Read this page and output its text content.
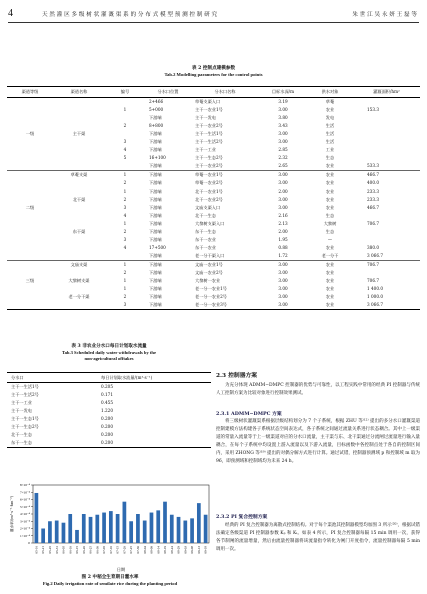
4	天 然 灌 区 多 级 树 状 灌 溉 渠 系 的 分 布 式 模 型 预 测 控 制 研 究	朱 世 江 吴 永 妍 王 磊 等
表 2 控制点建模参数
Tab.2 Modelling parameters for the control points
渠道等级	渠道名称	编号	分水口位置	分水口名称	目标水深/m	供水对象	灌溉面积/hm²
			2+466	草菴支渠入口	3.19	草菴	
		1	5+000	主干一农业1号	3.00	农业	153.3
			下游端	主干一发电	3.80	发电	
		2	8+800	主干一农业2号	3.43	生活	
一级	主干渠		下游端	主干一生活1号	3.00	生活	
		3	下游端	主干一生活2号	3.00	生活	
		4	下游端	主干一工业	2.85	工业	
		5	16+100	主干一生态2号	2.32	生态	
			下游端	主干一农业2号	2.65	农业	533.3
	草菴支渠	1	下游端	草菴一农业1号	3.00	农业	466.7
		2	下游端	草菴一农业2号	3.00	农业	400.0
		1	下游端	北干一农业1号	2.00	农业	233.3
	北干渠	2	下游端	北干一农业2号	3.00	农业	233.3
二级		3	下游端	文庙支渠入口	3.00	农业	466.7
		4	下游端	北干一生态	2.16	生态	
		1	下游端	大黎树支渠入口	2.13	大黎树	706.7
	东干渠	2	下游端	东干一生态	2.00	生态	
		3	下游端	东干一农业	1.95	—	
		4	17+500	东干一农业	0.88	农业	380.0
			下游端	老一分干渠入口	1.72	老一分干	3 066.7
	文庙支渠	1	下游端	文庙一农业1号	3.00	农业	706.7
		2	下游端	文庙一农业2号	3.00	农业	
三级	大黎树支渠	1	下游端	大黎树一农业	3.00	农业	706.7
		1	下游端	老一分一农业1号	3.00	农业	1 400.0
	老一分干渠	2	下游端	老一分一农业2号	3.00	农业	1 000.0
		3	下游端	老一分一农业3号	3.00	农业	3 066.7
表 3 非农业分水口每日计划取水流量
Tab.3 Scheduled daily water withdrawals by the
non-agricultural offtakes
分水口	每日计划取水流量/(m³·s⁻¹)
主干一生活1号	0.205
主干一生活2号	0.171
主干一工业	0.455
主干一发电	1.220
主干一生态1号	0.200
主干一生态2号	0.200
北干一生态	0.200
东干一生态	0.200
0
1×10⁻⁴
2×10⁻⁴
3×10⁻⁴
4×10⁻⁴
5×10⁻⁴
6×10⁻⁴
7×10⁻⁴
8×10⁻⁴
05-16 05-21 05-26 05-31 06-05 06-10 06-15 06-20 06-25 06-30 07-05 07-10 07-15 07-20 07-25 07-30 08-04 08-09 08-14 08-19 08-24 08-29 09-03 09-08 09-13 09-18
灌水率/(m³·s⁻¹·hm⁻²)
日期
图 2 中稻全生育期日灌水率
Fig.2 Daily irrigation rate of semilate rice during the planting period
2.3 控制器方案

为充分体现 ADMM−DMPC 控制器的优势与可靠性，以工程实践中常用的经典 PI 控制器与传统人工控制方案为比较对象进行控制效果测试。

2.3.1 ADMM−DMPC 方案

将三级树状灌溉渠系根据层级结构划分为 7 个子系统，根据 ZHU 等⁽¹²⁾ 提出的多分水口灌溉渠道控制建模方法构建各子系统状态空间表达式，各子系统之间通过流量关系进行状态耦合。其中上一级渠道的常量入流量等于上一级渠道对应的分水口流量，主干渠与东、北干渠通过分流闸过流量进行输入量耦合，在每个子系统中均设置上游入流量以及下游入流量，目标函数中各控制点处于各自的控制区间内，采用 ZHONG 等⁽¹⁹⁾ 提出的对偶分解方式进行计算。通过试错，控制器预测域 p 和控制域 m 取为 96，即预测域和控制域均为未来 24 h。

2.3.2 PI 复合控制方案

经典的 PI 复合控制器为离散式控制结构。对于每个渠池其控制器模型均加图 3 所示⁽²⁰⁾，根据试错法确定各级渠道 PI 控制器参数 Kₚ 和 Kᵢ。如表 4 所示，PI 复合控制器每隔 15 min 调用一次，获得各节制闸的流量增量，然后由流量控制器将该流量指令转化为闸门开度指令，流量控制器每隔 5 min 调用一次。
